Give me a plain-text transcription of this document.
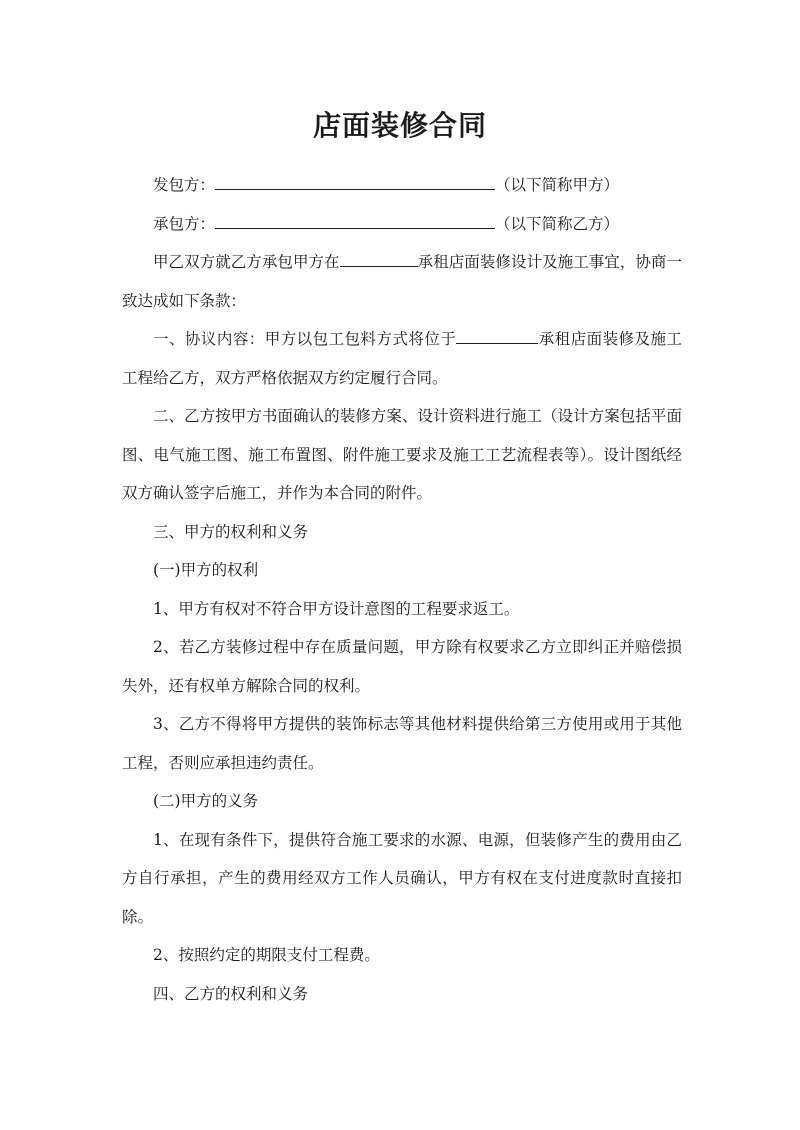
店面装修合同

发包方：	（以下简称甲方）

承包方：	（以下简称乙方）

甲乙双方就乙方承包甲方在	承租店面装修设计及施工事宜，协商一致达成如下条款：

一、协议内容：甲方以包工包料方式将位于	承租店面装修及施工工程给乙方，双方严格依据双方约定履行合同。

二、乙方按甲方书面确认的装修方案、设计资料进行施工（设计方案包括平面图、电气施工图、施工布置图、附件施工要求及施工工艺流程表等）。设计图纸经双方确认签字后施工，并作为本合同的附件。

三、甲方的权利和义务

(一)甲方的权利

1、甲方有权对不符合甲方设计意图的工程要求返工。

2、若乙方装修过程中存在质量问题，甲方除有权要求乙方立即纠正并赔偿损失外，还有权单方解除合同的权利。

3、乙方不得将甲方提供的装饰标志等其他材料提供给第三方使用或用于其他工程，否则应承担违约责任。

(二)甲方的义务

1、在现有条件下，提供符合施工要求的水源、电源，但装修产生的费用由乙方自行承担，产生的费用经双方工作人员确认，甲方有权在支付进度款时直接扣除。

2、按照约定的期限支付工程费。

四、乙方的权利和义务
